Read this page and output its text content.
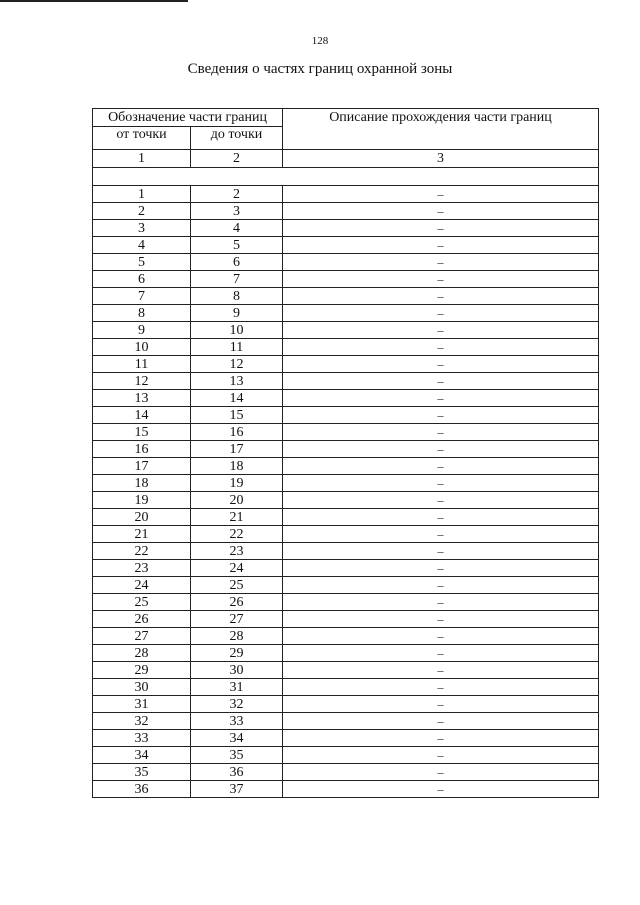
128
Сведения о частях границ охранной зоны
Обозначение части границ		Описание прохождения части границ
от точки	до точки	
1	2	3

1	2	–
2	3	–
3	4	–
4	5	–
5	6	–
6	7	–
7	8	–
8	9	–
9	10	–
10	11	–
11	12	–
12	13	–
13	14	–
14	15	–
15	16	–
16	17	–
17	18	–
18	19	–
19	20	–
20	21	–
21	22	–
22	23	–
23	24	–
24	25	–
25	26	–
26	27	–
27	28	–
28	29	–
29	30	–
30	31	–
31	32	–
32	33	–
33	34	–
34	35	–
35	36	–
36	37	–
